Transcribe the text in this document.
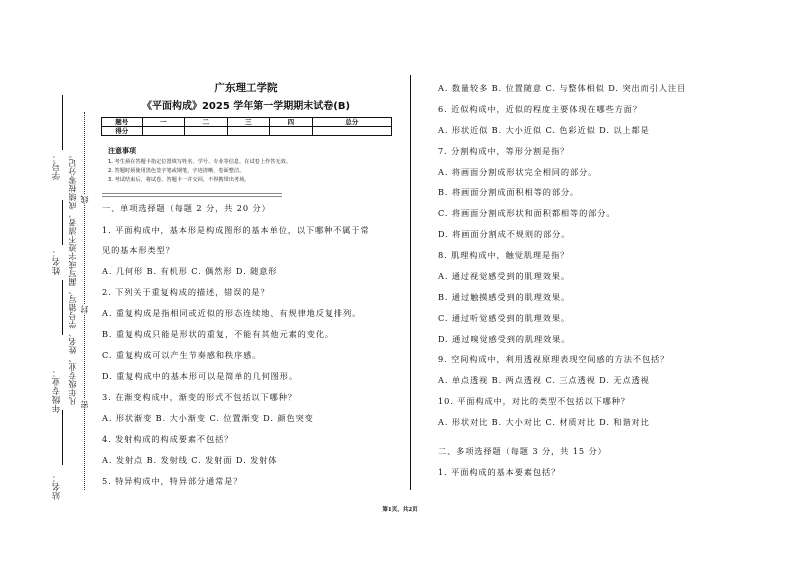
学号：
姓名：
年级专业：
站名：
凡年级专业、姓名、学号错写、漏写或字迹不清者，成绩按零分记。 线
封
密
广东理工学院
《平面构成》2025 学年第一学期期末试卷(B)
题号	一	二	三	四	总分
得分					
注意事项
1. 考生须在答题卡指定位置填写姓名、学号、专业等信息，在试卷上作答无效。
2. 答题时须使用黑色签字笔或钢笔，字迹清晰，卷面整洁。
3. 考试结束后，将试卷、答题卡一并交回，不得携带出考场。
一、单项选择题（每题 2 分，共 20 分）
1. 平面构成中，基本形是构成图形的基本单位，以下哪种不属于常
见的基本形类型？
A. 几何形 B. 有机形 C. 偶然形 D. 随意形
2. 下列关于重复构成的描述，错误的是？
A. 重复构成是指相同或近似的形态连续地、有规律地反复排列。
B. 重复构成只能是形状的重复，不能有其他元素的变化。
C. 重复构成可以产生节奏感和秩序感。
D. 重复构成中的基本形可以是简单的几何图形。
3. 在渐变构成中，渐变的形式不包括以下哪种？
A. 形状渐变 B. 大小渐变 C. 位置渐变 D. 颜色突变
4. 发射构成的构成要素不包括？
A. 发射点 B. 发射线 C. 发射面 D. 发射体
5. 特异构成中，特异部分通常是？
A. 数量较多 B. 位置随意 C. 与整体相似 D. 突出而引人注目
6. 近似构成中，近似的程度主要体现在哪些方面？
A. 形状近似 B. 大小近似 C. 色彩近似 D. 以上都是
7. 分割构成中，等形分割是指？
A. 将画面分割成形状完全相同的部分。
B. 将画面分割成面积相等的部分。
C. 将画面分割成形状和面积都相等的部分。
D. 将画面分割成不规则的部分。
8. 肌理构成中，触觉肌理是指？
A. 通过视觉感受到的肌理效果。
B. 通过触摸感受到的肌理效果。
C. 通过听觉感受到的肌理效果。
D. 通过嗅觉感受到的肌理效果。
9. 空间构成中，利用透视原理表现空间感的方法不包括？
A. 单点透视 B. 两点透视 C. 三点透视 D. 无点透视
10. 平面构成中，对比的类型不包括以下哪种？
A. 形状对比 B. 大小对比 C. 材质对比 D. 和谐对比
二、多项选择题（每题 3 分，共 15 分）
1. 平面构成的基本要素包括？
第1页，共2页
